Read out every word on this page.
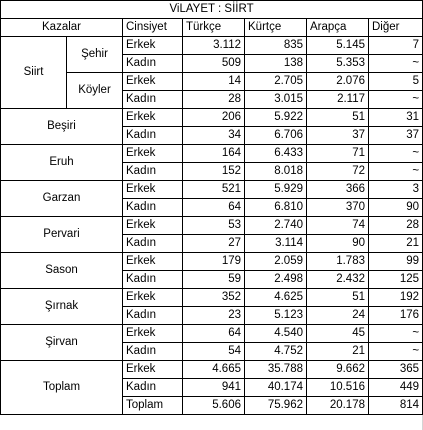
ViLAYET : SİİRT						
Kazalar		Cinsiyet	Türkçe	Kürtçe	Arapça	Diğer
Siirt	Şehir	Erkek	3.112	835	5.145	7
		Kadın	509	138	5.353	~
	Köyler	Erkek	14	2.705	2.076	5
		Kadın	28	3.015	2.117	~
Beşiri		Erkek	206	5.922	51	31
		Kadın	34	6.706	37	37
Eruh		Erkek	164	6.433	71	~
		Kadın	152	8.018	72	~
Garzan		Erkek	521	5.929	366	3
		Kadın	64	6.810	370	90
Pervari		Erkek	53	2.740	74	28
		Kadın	27	3.114	90	21
Sason		Erkek	179	2.059	1.783	99
		Kadın	59	2.498	2.432	125
Şırnak		Erkek	352	4.625	51	192
		Kadın	23	5.123	24	176
Şirvan		Erkek	64	4.540	45	~
		Kadın	54	4.752	21	~
Toplam		Erkek	4.665	35.788	9.662	365
		Kadın	941	40.174	10.516	449
		Toplam	5.606	75.962	20.178	814
